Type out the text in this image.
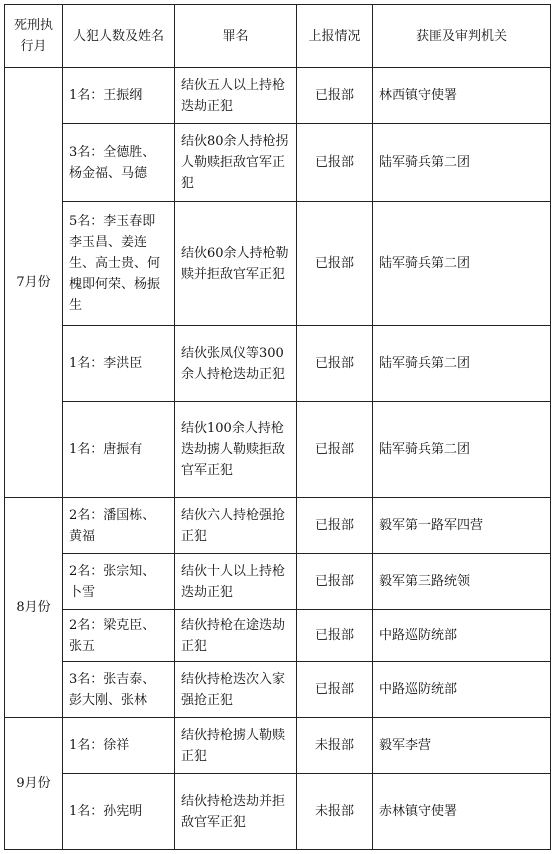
死刑执行月	人犯人数及姓名	罪名	上报情况	获匪及审判机关
7月份	1名：王振纲	结伙五人以上持枪迭劫正犯	已报部	林西镇守使署
	3名：全德胜、杨金福、马德	结伙80余人持枪拐人勒赎拒敌官军正犯	已报部	陆军骑兵第二团
	5名：李玉春即李玉昌、姜连生、高士贵、何槐即何荣、杨振生	结伙60余人持枪勒赎并拒敌官军正犯	已报部	陆军骑兵第二团
	1名：李洪臣	结伙张凤仪等300余人持枪迭劫正犯	已报部	陆军骑兵第二团
	1名：唐振有	结伙100余人持枪迭劫掳人勒赎拒敌官军正犯	已报部	陆军骑兵第二团
8月份	2名：潘国栋、黄福	结伙六人持枪强抢正犯	已报部	毅军第一路军四营
	2名：张宗知、卜雪	结伙十人以上持枪迭劫正犯	已报部	毅军第三路统领
	2名：梁克臣、张五	结伙持枪在途迭劫正犯	已报部	中路巡防统部
	3名：张吉泰、彭大刚、张林	结伙持枪迭次入家强抢正犯	已报部	中路巡防统部
9月份	1名：徐祥	结伙持枪掳人勒赎正犯	未报部	毅军李营
	1名：孙宪明	结伙持枪迭劫并拒敌官军正犯	未报部	赤林镇守使署
